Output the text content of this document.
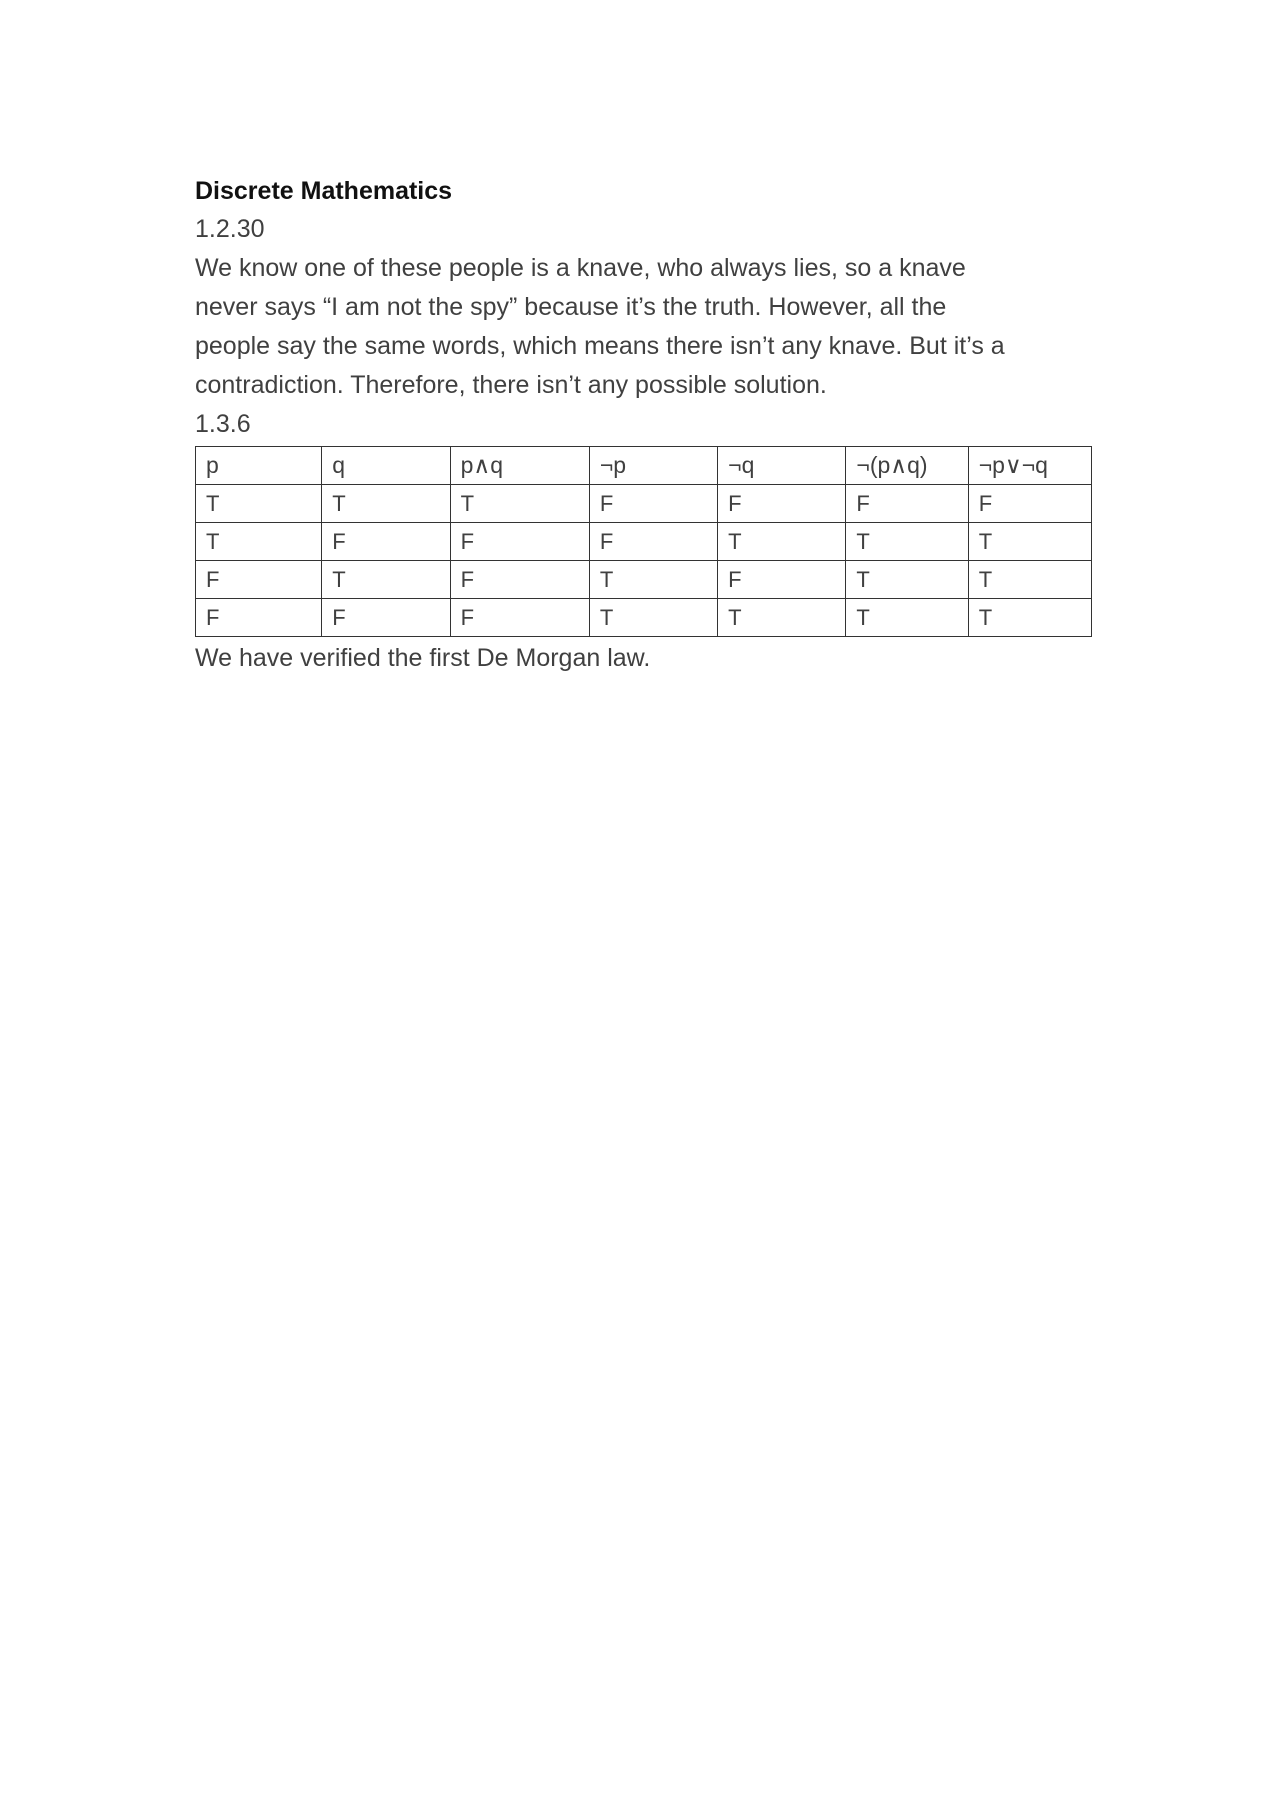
Discrete Mathematics

1.2.30

We know one of these people is a knave, who always lies, so a knave
never says “I am not the spy” because it’s the truth. However, all the
people say the same words, which means there isn’t any knave. But it’s a
contradiction. Therefore, there isn’t any possible solution.

1.3.6

p	q	p∧q	¬p	¬q	¬(p∧q)	¬p∨¬q
T	T	T	F	F	F	F
T	F	F	F	T	T	T
F	T	F	T	F	T	T
F	F	F	T	T	T	T

We have verified the first De Morgan law.
